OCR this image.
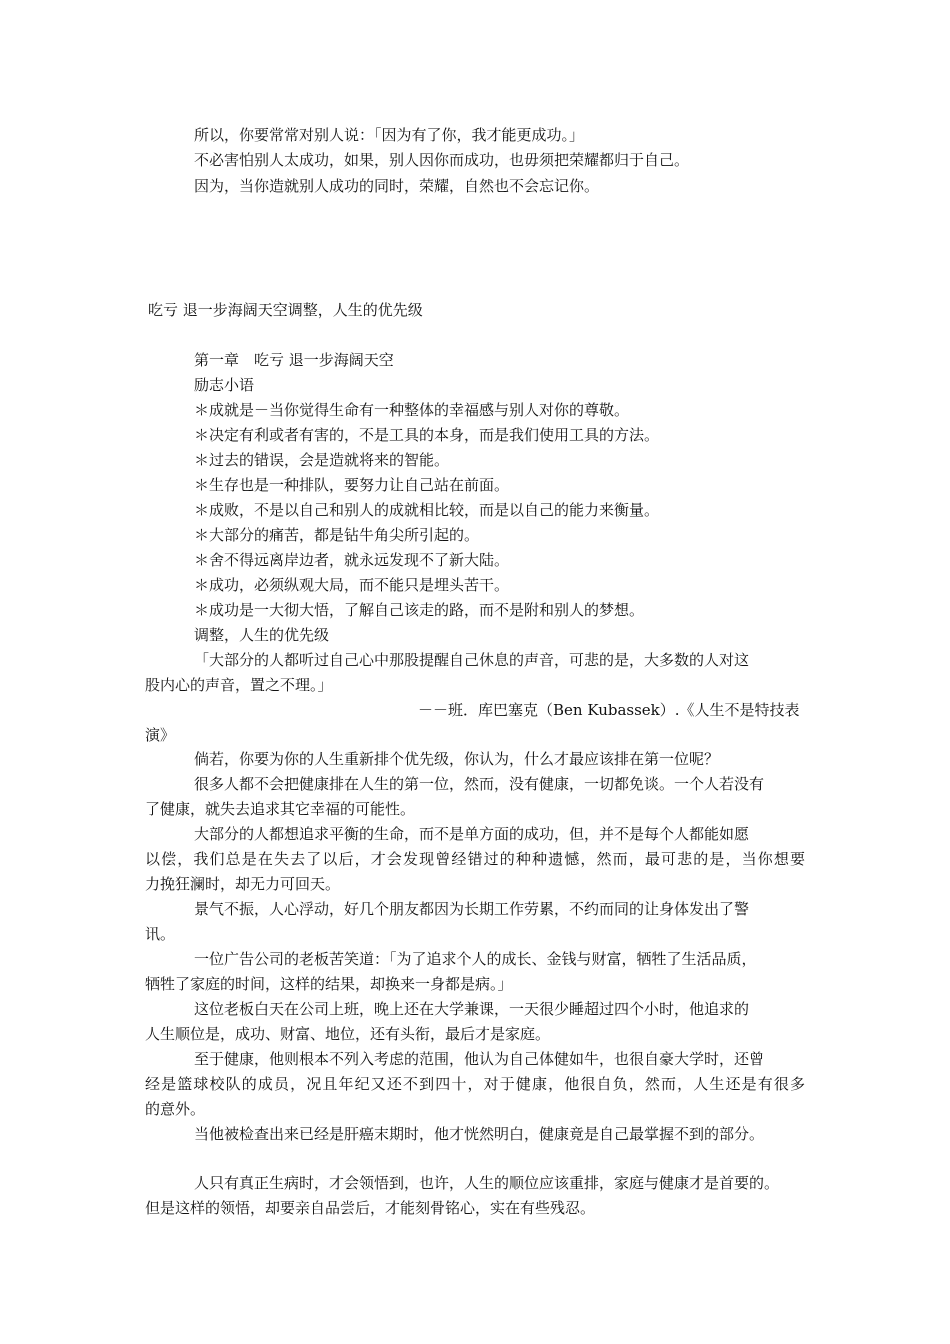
所以，你要常常对别人说：「因为有了你，我才能更成功。」
不必害怕别人太成功，如果，别人因你而成功，也毋须把荣耀都归于自己。
因为，当你造就别人成功的同时，荣耀，自然也不会忘记你。
吃亏 退一步海阔天空调整，人生的优先级
第一章　吃亏 退一步海阔天空
励志小语
＊成就是－当你觉得生命有一种整体的幸福感与别人对你的尊敬。
＊决定有利或者有害的，不是工具的本身，而是我们使用工具的方法。
＊过去的错误，会是造就将来的智能。
＊生存也是一种排队，要努力让自己站在前面。
＊成败，不是以自己和别人的成就相比较，而是以自己的能力来衡量。
＊大部分的痛苦，都是钻牛角尖所引起的。
＊舍不得远离岸边者，就永远发现不了新大陆。
＊成功，必须纵观大局，而不能只是埋头苦干。
＊成功是一大彻大悟，了解自己该走的路，而不是附和别人的梦想。
调整，人生的优先级
「大部分的人都听过自己心中那股提醒自己休息的声音，可悲的是，大多数的人对这
股内心的声音，置之不理。」
－－班．库巴塞克（Ben Kubassek）.《人生不是特技表
演》
倘若，你要为你的人生重新排个优先级，你认为，什么才最应该排在第一位呢？
很多人都不会把健康排在人生的第一位，然而，没有健康，一切都免谈。一个人若没有
了健康，就失去追求其它幸福的可能性。
大部分的人都想追求平衡的生命，而不是单方面的成功，但，并不是每个人都能如愿
以偿，我们总是在失去了以后，才会发现曾经错过的种种遗憾，然而，最可悲的是，当你想要
力挽狂澜时，却无力可回天。
景气不振，人心浮动，好几个朋友都因为长期工作劳累，不约而同的让身体发出了警
讯。
一位广告公司的老板苦笑道：「为了追求个人的成长、金钱与财富，牺牲了生活品质，
牺牲了家庭的时间，这样的结果，却换来一身都是病。」
这位老板白天在公司上班，晚上还在大学兼课，一天很少睡超过四个小时，他追求的
人生顺位是，成功、财富、地位，还有头衔，最后才是家庭。
至于健康，他则根本不列入考虑的范围，他认为自己体健如牛，也很自豪大学时，还曾
经是篮球校队的成员，况且年纪又还不到四十，对于健康，他很自负，然而，人生还是有很多
的意外。
当他被检查出来已经是肝癌末期时，他才恍然明白，健康竟是自己最掌握不到的部分。
人只有真正生病时，才会领悟到，也许，人生的顺位应该重排，家庭与健康才是首要的。
但是这样的领悟，却要亲自品尝后，才能刻骨铭心，实在有些残忍。
